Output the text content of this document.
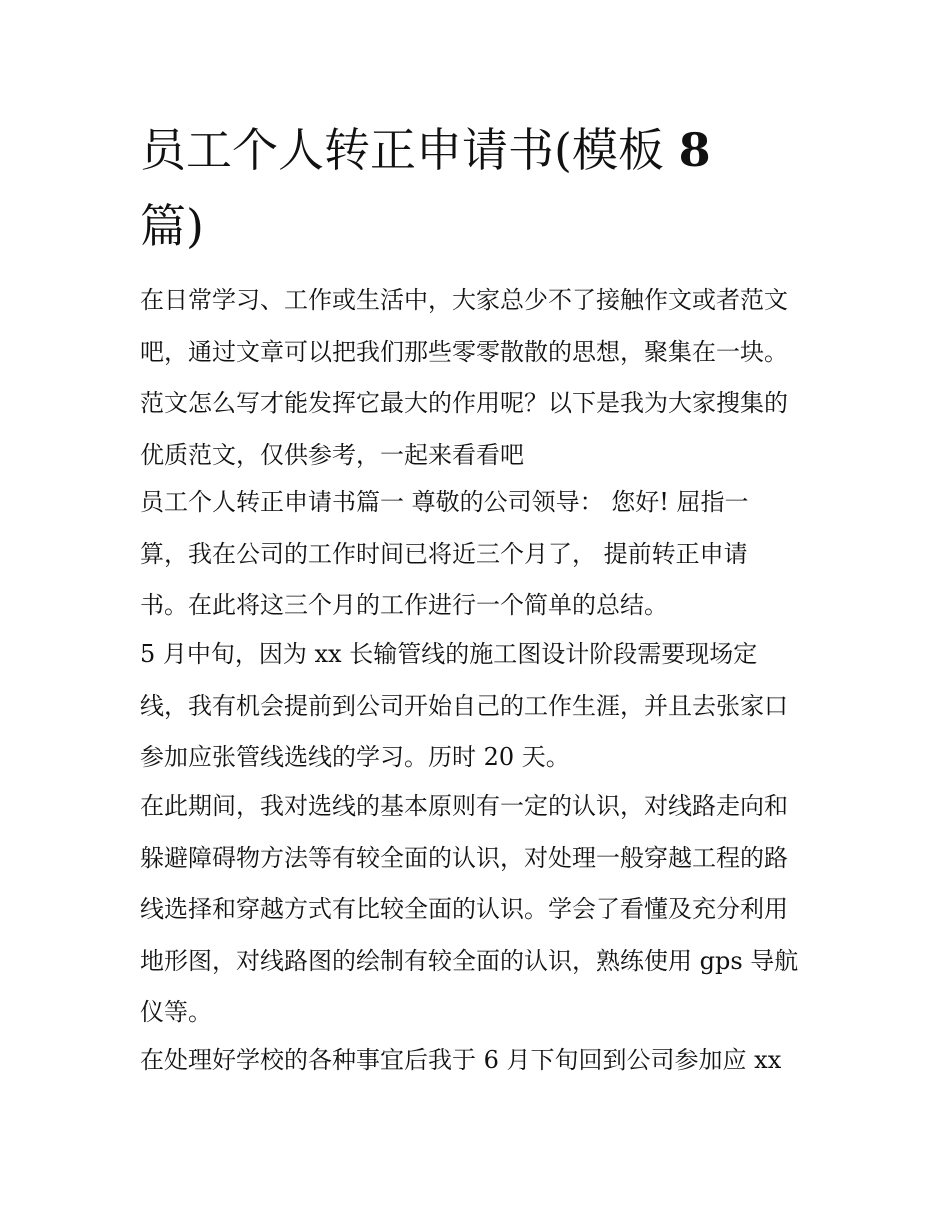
员工个人转正申请书(模板 8
篇)
在日常学习、工作或生活中，大家总少不了接触作文或者范文
吧，通过文章可以把我们那些零零散散的思想，聚集在一块。
范文怎么写才能发挥它最大的作用呢？以下是我为大家搜集的
优质范文，仅供参考，一起来看看吧
员工个人转正申请书篇一 尊敬的公司领导： 您好! 屈指一
算，我在公司的工作时间已将近三个月了， 提前转正申请
书。在此将这三个月的工作进行一个简单的总结。
5 月中旬，因为 xx 长输管线的施工图设计阶段需要现场定
线，我有机会提前到公司开始自己的工作生涯，并且去张家口
参加应张管线选线的学习。历时 20 天。
在此期间，我对选线的基本原则有一定的认识，对线路走向和
躲避障碍物方法等有较全面的认识，对处理一般穿越工程的路
线选择和穿越方式有比较全面的认识。学会了看懂及充分利用
地形图，对线路图的绘制有较全面的认识，熟练使用 gps 导航
仪等。
在处理好学校的各种事宜后我于 6 月下旬回到公司参加应 xx
